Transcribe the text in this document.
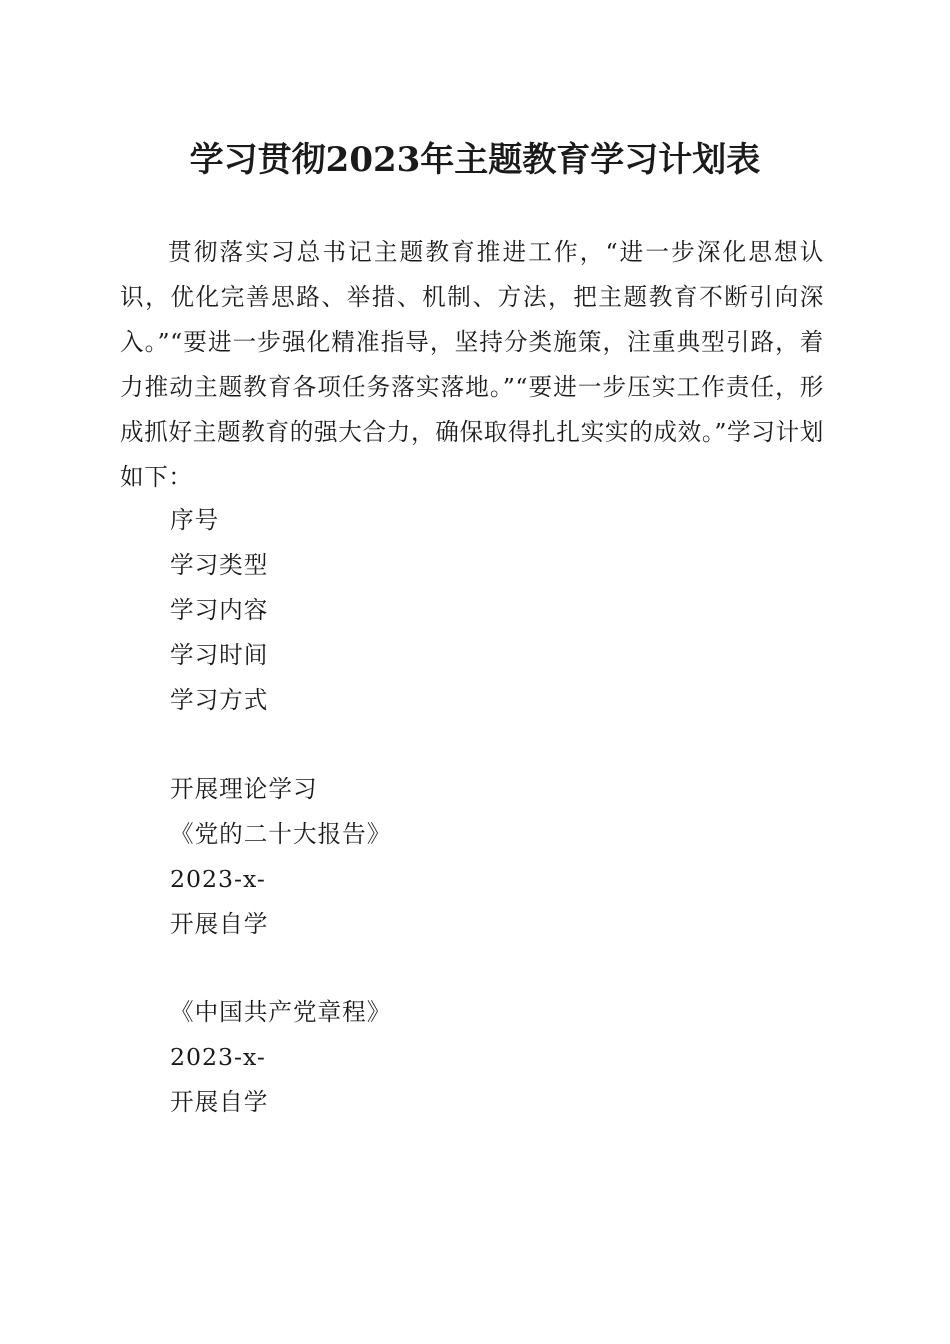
学习贯彻2023年主题教育学习计划表
贯彻落实习总书记主题教育推进工作，“进一步深化思想认识，优化完善思路、举措、机制、方法，把主题教育不断引向深入。”“要进一步强化精准指导，坚持分类施策，注重典型引路，着力推动主题教育各项任务落实落地。”“要进一步压实工作责任，形成抓好主题教育的强大合力，确保取得扎扎实实的成效。”学习计划如下：
序号
学习类型
学习内容
学习时间
学习方式
开展理论学习
《党的二十大报告》
2023-x-
开展自学
《中国共产党章程》
2023-x-
开展自学
